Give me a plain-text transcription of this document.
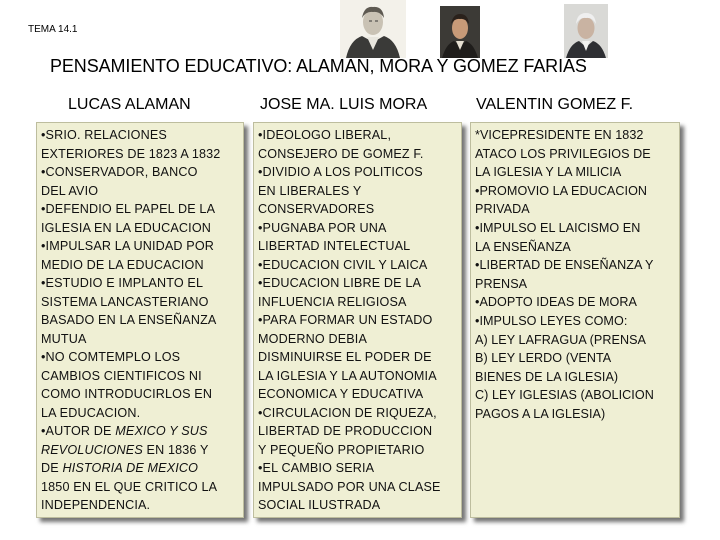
TEMA 14.1
PENSAMIENTO EDUCATIVO: ALAMAN, MORA Y GOMEZ FARIAS
LUCAS ALAMAN	JOSE MA. LUIS MORA	VALENTIN GOMEZ F.
•SRIO. RELACIONES
EXTERIORES DE 1823 A 1832
•CONSERVADOR, BANCO
DEL AVIO
•DEFENDIO EL PAPEL DE LA
IGLESIA EN LA EDUCACION
•IMPULSAR LA UNIDAD POR
MEDIO DE LA EDUCACION
•ESTUDIO E IMPLANTO EL
SISTEMA LANCASTERIANO
BASADO EN LA ENSEÑANZA
MUTUA
•NO COMTEMPLO LOS
CAMBIOS CIENTIFICOS NI
COMO INTRODUCIRLOS EN
LA EDUCACION.
•AUTOR DE MEXICO Y SUS
REVOLUCIONES EN 1836 Y
DE HISTORIA DE MEXICO
1850 EN EL QUE CRITICO LA
INDEPENDENCIA.
•IDEOLOGO LIBERAL,
CONSEJERO DE GOMEZ F.
•DIVIDIO A LOS POLITICOS
EN LIBERALES Y
CONSERVADORES
•PUGNABA POR UNA
LIBERTAD INTELECTUAL
•EDUCACION CIVIL Y LAICA
•EDUCACION LIBRE DE LA
INFLUENCIA RELIGIOSA
•PARA FORMAR UN ESTADO
MODERNO DEBIA
DISMINUIRSE EL PODER DE
LA IGLESIA Y LA AUTONOMIA
ECONOMICA Y EDUCATIVA
•CIRCULACION DE RIQUEZA,
LIBERTAD DE PRODUCCION
Y PEQUEÑO PROPIETARIO
•EL CAMBIO SERIA
IMPULSADO POR UNA CLASE
SOCIAL ILUSTRADA
*VICEPRESIDENTE EN 1832
ATACO LOS PRIVILEGIOS DE
LA IGLESIA Y LA MILICIA
•PROMOVIO LA EDUCACION
PRIVADA
•IMPULSO EL LAICISMO EN
LA ENSEÑANZA
•LIBERTAD DE ENSEÑANZA Y
PRENSA
•ADOPTO IDEAS DE MORA
•IMPULSO LEYES COMO:
A) LEY LAFRAGUA (PRENSA
B) LEY LERDO (VENTA
BIENES DE LA IGLESIA)
C) LEY IGLESIAS (ABOLICION
PAGOS A LA IGLESIA)
